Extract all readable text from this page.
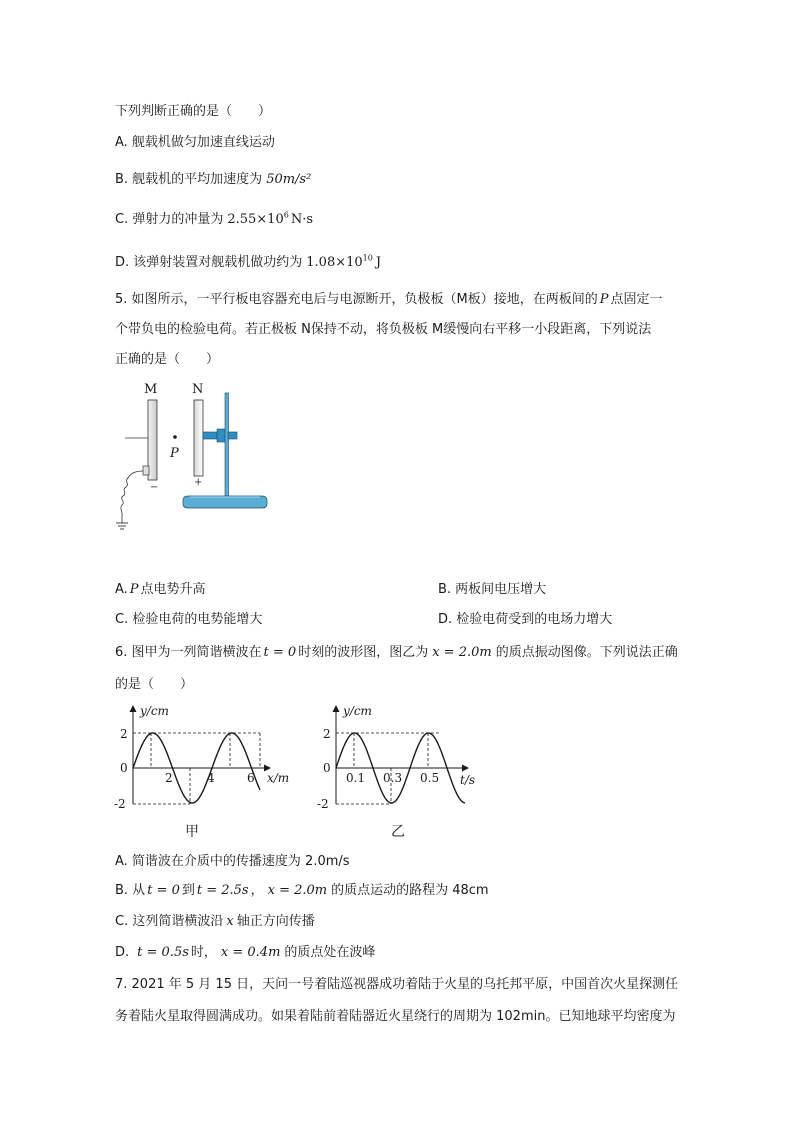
下列判断正确的是（　　）
A. 舰载机做匀加速直线运动
B. 舰载机的平均加速度为 50m/s²
C. 弹射力的冲量为 $2.55\times 10^6$ N·s
D. 该弹射装置对舰载机做功约为 $1.08\times 10^{10}$ J
5. 如图所示，一平行板电容器充电后与电源断开，负极板（M板）接地，在两板间的 P 点固定一
个带负电的检验电荷。若正极板 N保持不动，将负极板 M缓慢向右平移一小段距离，下列说法
正确的是（　　）
M	N
−
P
+
A. P 点电势升高	B. 两板间电压增大
C. 检验电荷的电势能增大	D. 检验电荷受到的电场力增大
6. 图甲为一列简谐横波在 t = 0 时刻的波形图，图乙为 x = 2.0m 的质点振动图像。下列说法正确
的是（　　）
y/cm
x/m
2
-2
0
2	4	6
甲
y/cm
t/s
2
-2
0
0.1 0.3 0.5
乙
A. 简谐波在介质中的传播速度为 2.0m/s
B. 从 t = 0 到 t = 2.5s ， x = 2.0m 的质点运动的路程为 48cm
C. 这列简谐横波沿 x 轴正方向传播
D. t = 0.5s 时， x = 0.4m 的质点处在波峰
7. 2021 年 5 月 15 日，天问一号着陆巡视器成功着陆于火星的乌托邦平原，中国首次火星探测任
务着陆火星取得圆满成功。如果着陆前着陆器近火星绕行的周期为 102min。已知地球平均密度为
